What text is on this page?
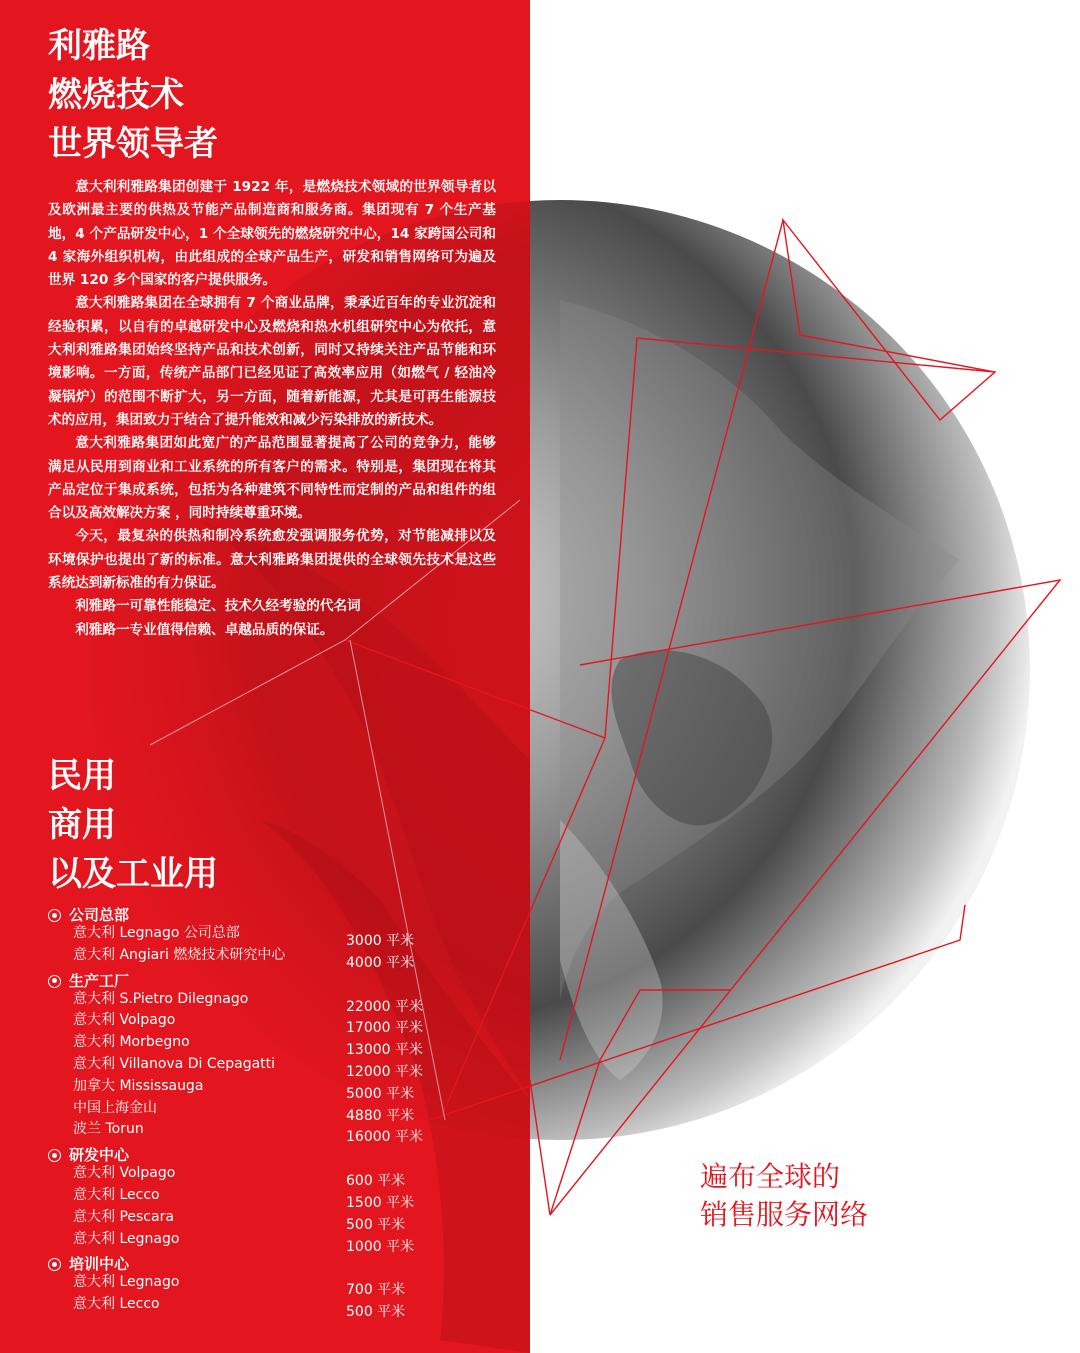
利雅路
燃烧技术
世界领导者

意大利利雅路集团创建于 1922 年，是燃烧技术领域的世界领导者以及欧洲最主要的供热及节能产品制造商和服务商。集团现有 7 个生产基地，4 个产品研发中心，1 个全球领先的燃烧研究中心，14 家跨国公司和 4 家海外组织机构，由此组成的全球产品生产，研发和销售网络可为遍及世界 120 多个国家的客户提供服务。

意大利雅路集团在全球拥有 7 个商业品牌，秉承近百年的专业沉淀和经验积累，以自有的卓越研发中心及燃烧和热水机组研究中心为依托，意大利利雅路集团始终坚持产品和技术创新，同时又持续关注产品节能和环境影响。一方面，传统产品部门已经见证了高效率应用（如燃气 / 轻油冷凝锅炉）的范围不断扩大，另一方面，随着新能源，尤其是可再生能源技术的应用，集团致力于结合了提升能效和减少污染排放的新技术。

意大利雅路集团如此宽广的产品范围显著提高了公司的竞争力，能够满足从民用到商业和工业系统的所有客户的需求。特别是，集团现在将其产品定位于集成系统，包括为各种建筑不同特性而定制的产品和组件的组合以及高效解决方案 ，同时持续尊重环境。

今天，最复杂的供热和制冷系统愈发强调服务优势，对节能减排以及环境保护也提出了新的标准。意大利雅路集团提供的全球领先技术是这些系统达到新标准的有力保证。

利雅路一可靠性能稳定、技术久经考验的代名词

利雅路一专业值得信赖、卓越品质的保证。

民用
商用
以及工业用
公司总部
意大利 Legnago 公司总部	3000 平米
意大利 Angiari 燃烧技术研究中心	4000 平米
生产工厂
意大利 S.Pietro Dilegnago	22000 平米
意大利 Volpago	17000 平米
意大利 Morbegno	13000 平米
意大利 Villanova Di Cepagatti	12000 平米
加拿大 Mississauga	5000 平米
中国上海金山	4880 平米
波兰 Torun	16000 平米
研发中心
意大利 Volpago	600 平米
意大利 Lecco	1500 平米
意大利 Pescara	500 平米
意大利 Legnago	1000 平米
培训中心
意大利 Legnago	700 平米
意大利 Lecco	500 平米
遍布全球的
销售服务网络
